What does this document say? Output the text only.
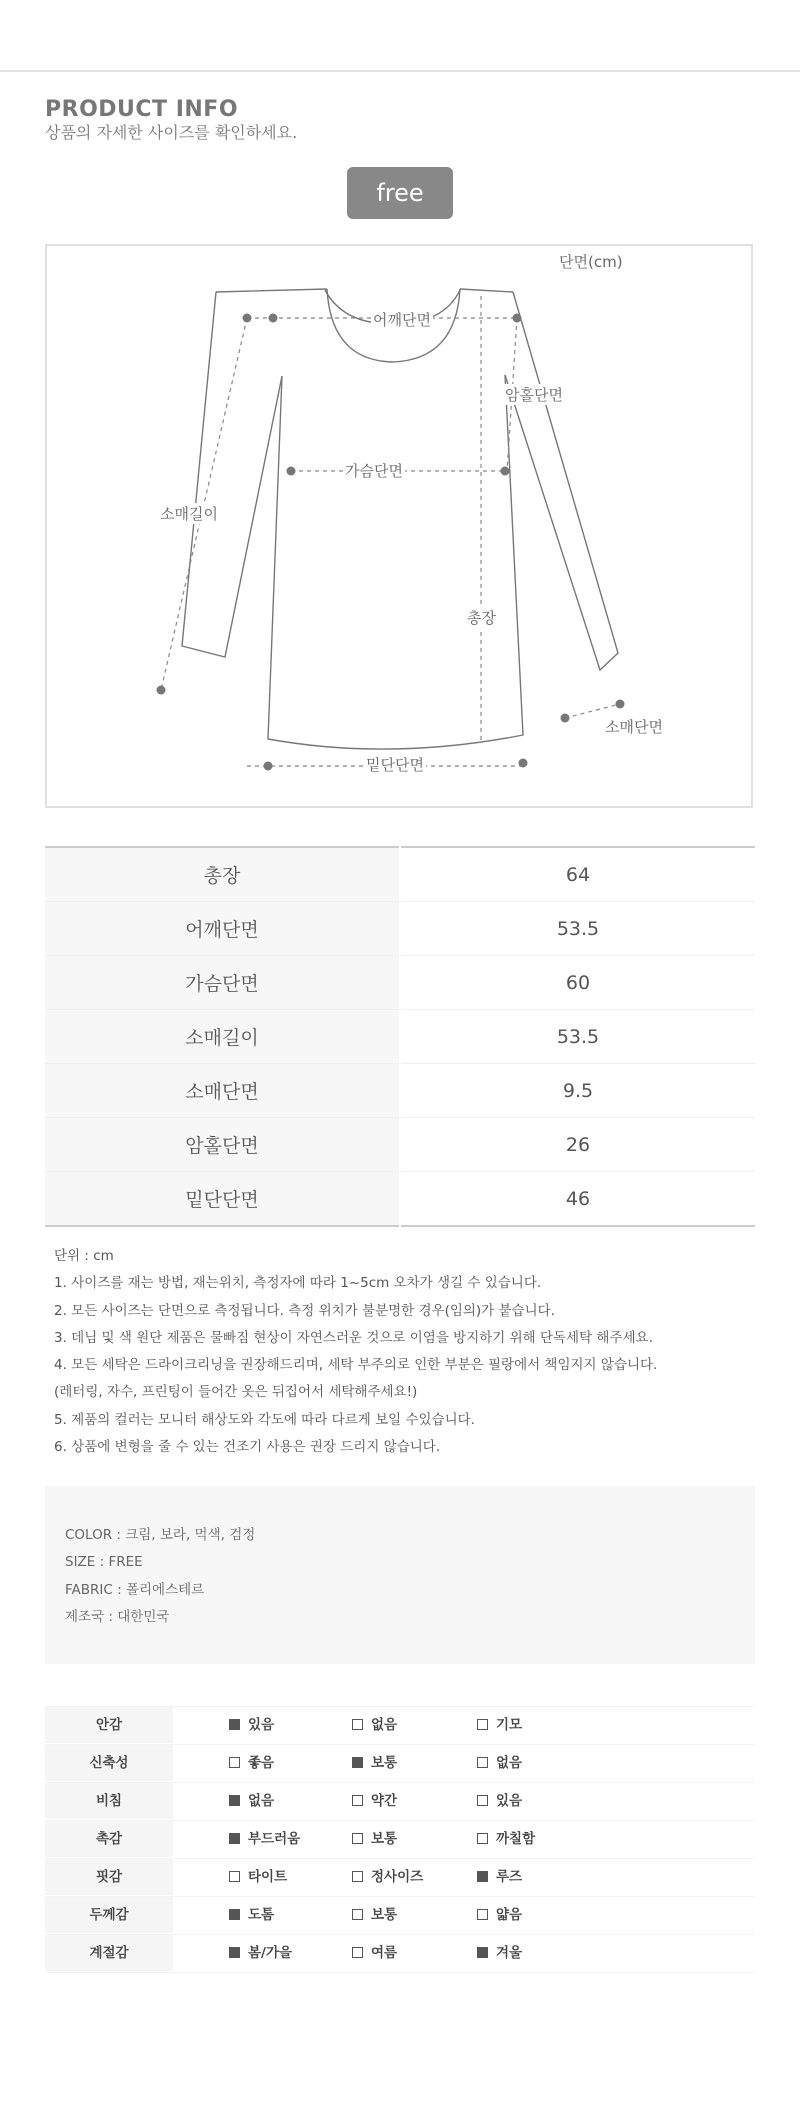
PRODUCT INFO
상품의 자세한 사이즈를 확인하세요.
free
단면(cm)
어깨단면
암홀단면
가슴단면
소매길이
총장
소매단면
밑단단면
총장	64
어깨단면	53.5
가슴단면	60
소매길이	53.5
소매단면	9.5
암홀단면	26
밑단단면	46
단위 : cm
1. 사이즈를 재는 방법, 재는위치, 측정자에 따라 1~5cm 오차가 생길 수 있습니다.
2. 모든 사이즈는 단면으로 측정됩니다. 측정 위치가 불분명한 경우(임의)가 붙습니다.
3. 데님 및 색 원단 제품은 물빠짐 현상이 자연스러운 것으로 이염을 방지하기 위해 단독세탁 해주세요.
4. 모든 세탁은 드라이크리닝을 권장해드리며, 세탁 부주의로 인한 부분은 필랑에서 책임지지 않습니다.
(레터링, 자수, 프린팅이 들어간 옷은 뒤집어서 세탁해주세요!)
5. 제품의 컬러는 모니터 해상도와 각도에 따라 다르게 보일 수있습니다.
6. 상품에 변형을 줄 수 있는 건조기 사용은 권장 드리지 않습니다.
COLOR : 크림, 보라, 먹색, 검정
SIZE : FREE
FABRIC : 폴리에스테르
제조국 : 대한민국
안감	있음	없음	기모
신축성	좋음	보통	없음
비침	없음	약간	있음
촉감	부드러움	보통	까칠함
핏감	타이트	정사이즈	루즈
두께감	도톰	보통	얇음
계절감	봄/가을	여름	겨울
